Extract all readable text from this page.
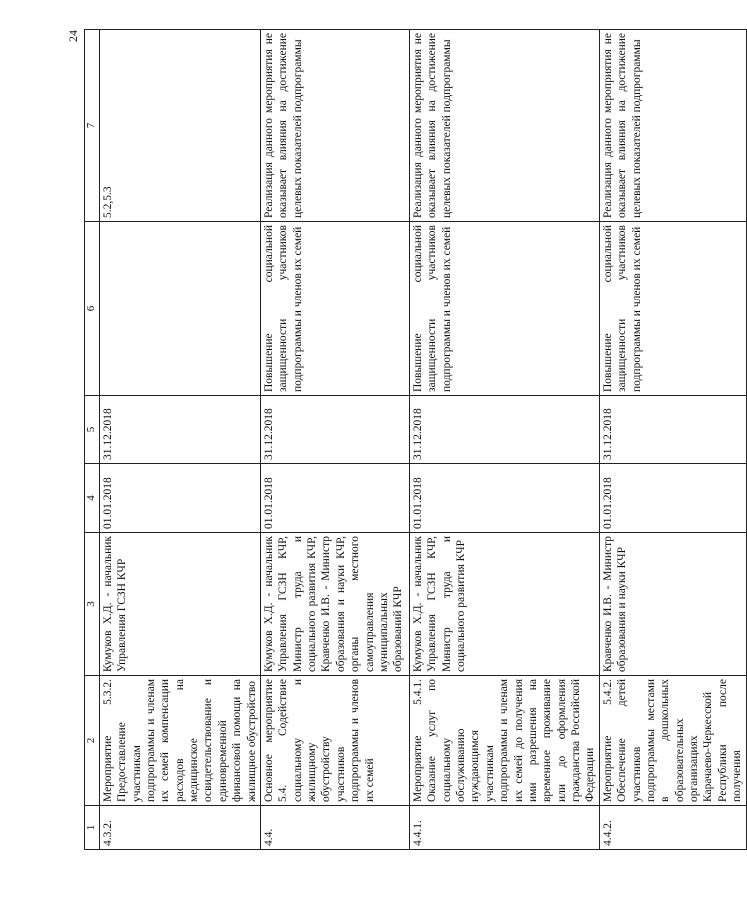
24
1	2	3	4	5	6	7
4.3.2.	Мероприятие 5.3.2. Предоставление участникам подпрограммы и членам их семей компенсации расходов на медицинское освидетельствование и единовременной финансовой помощи на жилищное обустройство	Кумуков Х.Д. - начальник Управления ГСЗН КЧР	01.01.2018	31.12.2018		5.2,5.3
4.4.	Основное мероприятие 5.4. Содействие социальному и жилищному обустройству участников подпрограммы и членов их семей	Кумуков Х.Д. - начальник Управления ГСЗН КЧР, Министр труда и социального развития КЧР, Кравченко И.В. - Министр образования и науки КЧР, органы местного самоуправления муниципальных образований КЧР	01.01.2018	31.12.2018	Повышение социальной защищенности участников подпрограммы и членов их семей	Реализация данного мероприятия не оказывает влияния на достижение целевых показателей подпрограммы
4.4.1.	Мероприятие 5.4.1. Оказание услуг по социальному обслуживанию нуждающимся участникам подпрограммы и членам их семей до получения ими разрешения на временное проживание или до оформления гражданства Российской Федерации	Кумуков Х.Д. - начальник Управления ГСЗН КЧР, Министр труда и социального развития КЧР	01.01.2018	31.12.2018	Повышение социальной защищенности участников подпрограммы и членов их семей	Реализация данного мероприятия не оказывает влияния на достижение целевых показателей подпрограммы
4.4.2.	Мероприятие 5.4.2. Обеспечение детей участников подпрограммы местами в дошкольных образовательных организациях Карачаево-Черкесской Республики после получения	Кравченко И.В. - Министр образования и науки КЧР	01.01.2018	31.12.2018	Повышение социальной защищенности участников подпрограммы и членов их семей	Реализация данного мероприятия не оказывает влияния на достижение целевых показателей подпрограммы
